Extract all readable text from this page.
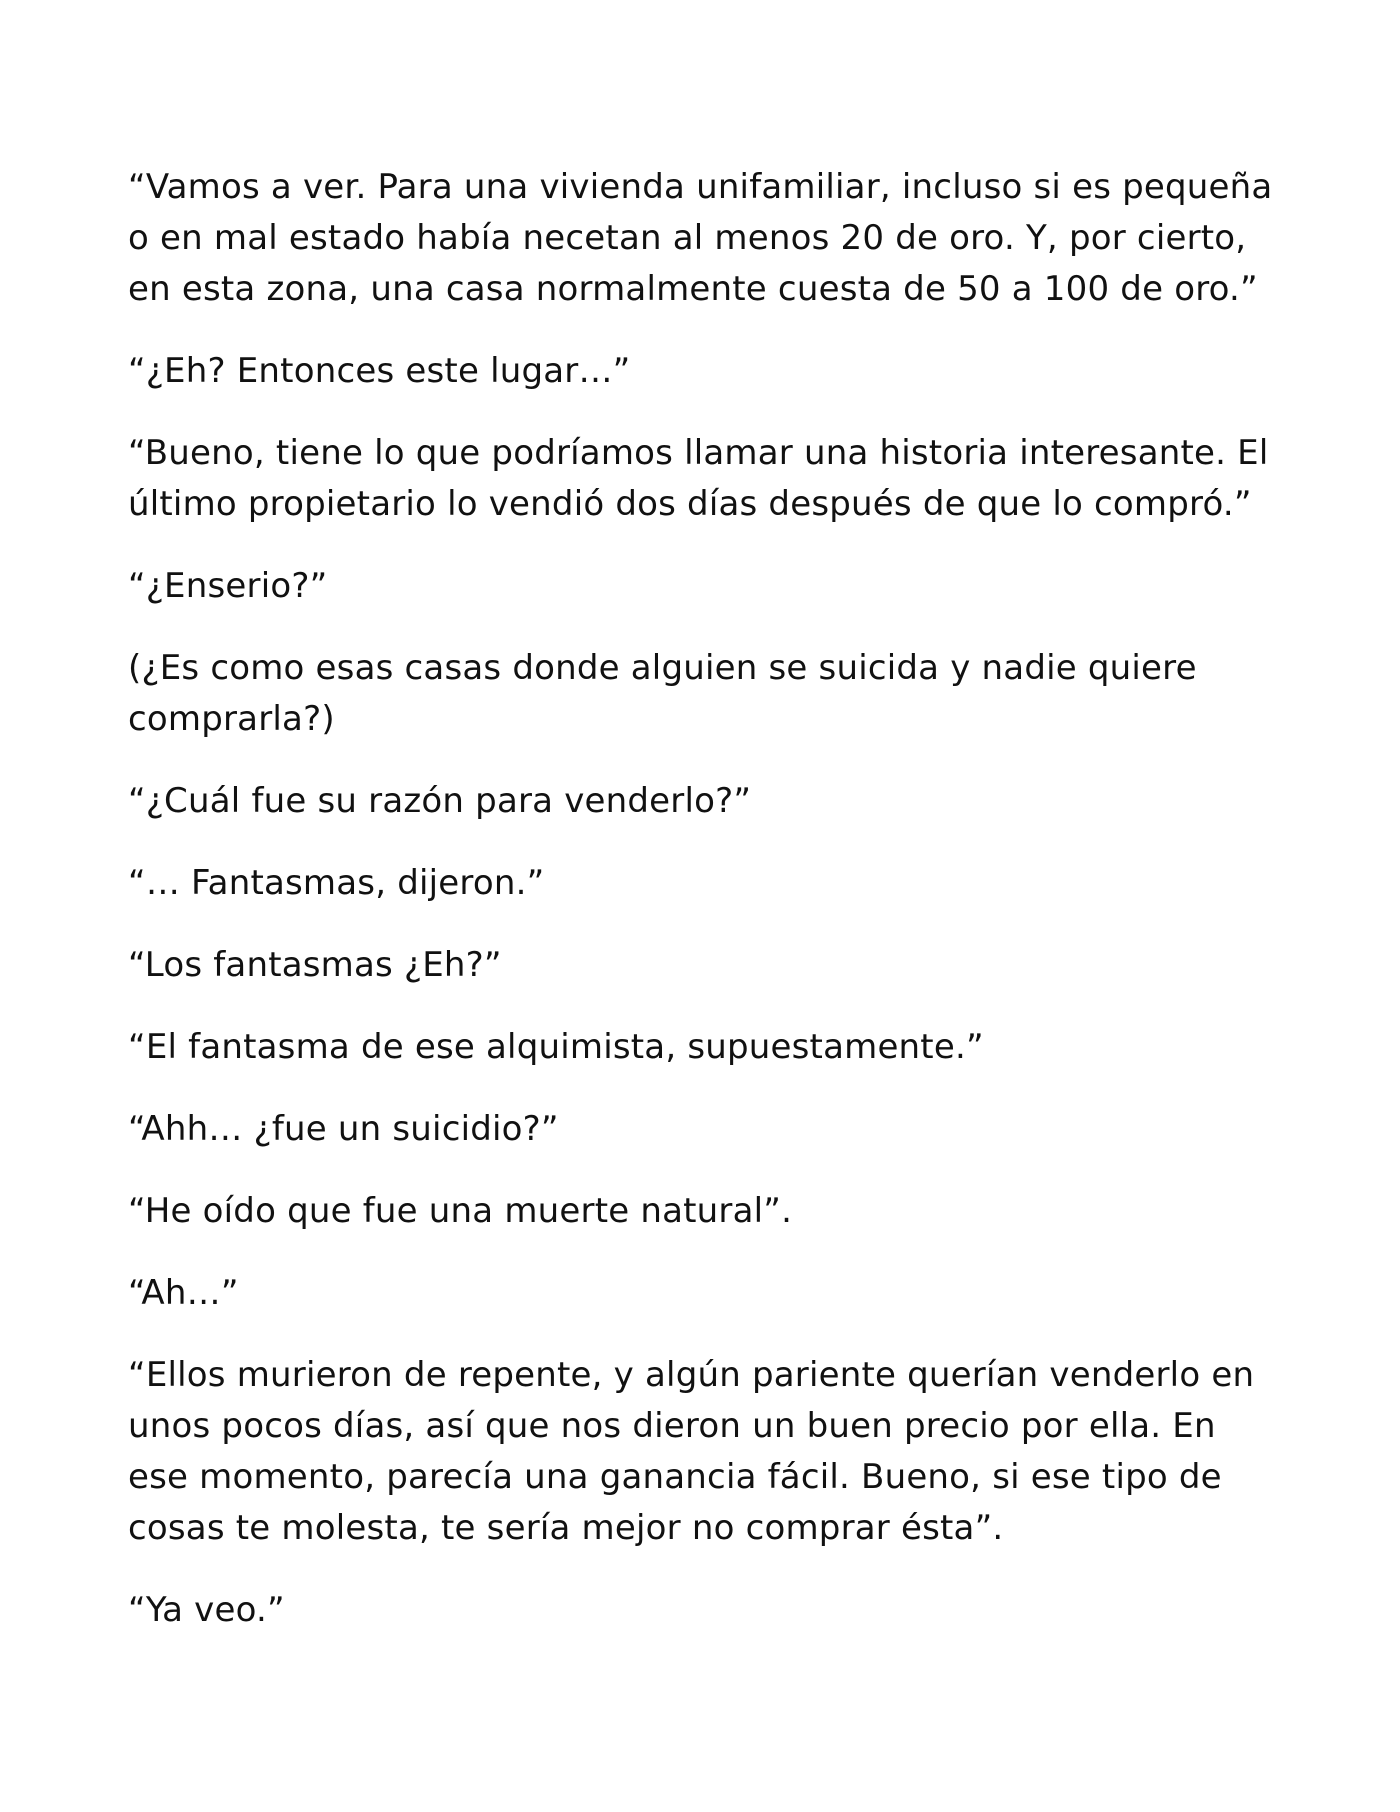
“Vamos a ver. Para una vivienda unifamiliar, incluso si es pequeña o en mal estado había necetan al menos 20 de oro. Y, por cierto, en esta zona, una casa normalmente cuesta de 50 a 100 de oro.”

“¿Eh? Entonces este lugar…”

“Bueno, tiene lo que podríamos llamar una historia interesante. El último propietario lo vendió dos días después de que lo compró.”

“¿Enserio?”

(¿Es como esas casas donde alguien se suicida y nadie quiere comprarla?)

“¿Cuál fue su razón para venderlo?”

“… Fantasmas, dijeron.”

“Los fantasmas ¿Eh?”

“El fantasma de ese alquimista, supuestamente.”

“Ahh… ¿fue un suicidio?”

“He oído que fue una muerte natural”.

“Ah…”

“Ellos murieron de repente, y algún pariente querían venderlo en unos pocos días, así que nos dieron un buen precio por ella. En ese momento, parecía una ganancia fácil. Bueno, si ese tipo de cosas te molesta, te sería mejor no comprar ésta”.

“Ya veo.”
